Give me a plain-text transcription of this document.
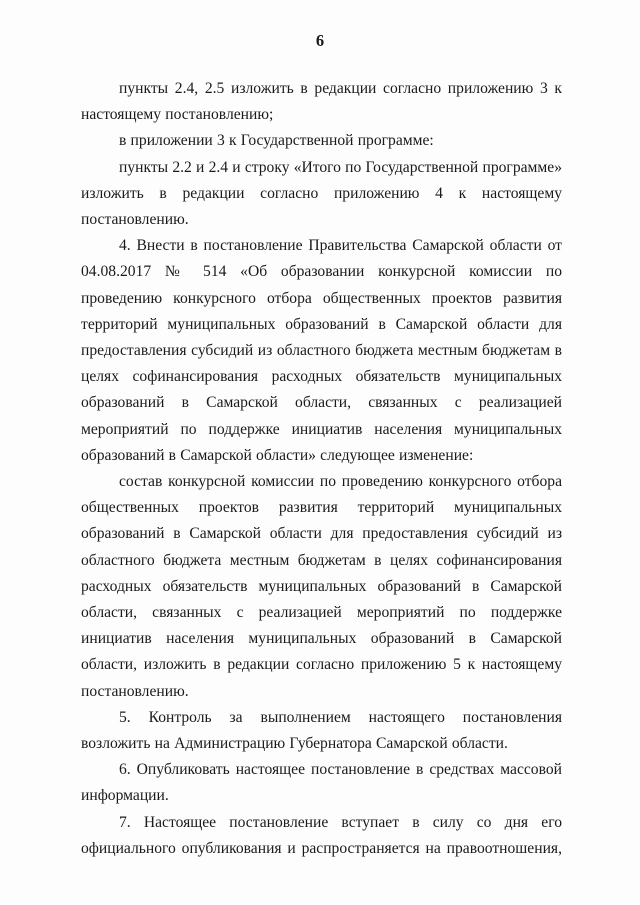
6

пункты 2.4, 2.5 изложить в редакции согласно приложению 3 к настоящему постановлению;

в приложении 3 к Государственной программе:

пункты 2.2 и 2.4 и строку «Итого по Государственной программе» изложить в редакции согласно приложению 4 к настоящему постановлению.

4. Внести в постановление Правительства Самарской области от 04.08.2017 № 514 «Об образовании конкурсной комиссии по проведению конкурсного отбора общественных проектов развития территорий муниципальных образований в Самарской области для предоставления субсидий из областного бюджета местным бюджетам в целях софинансирования расходных обязательств муниципальных образований в Самарской области, связанных с реализацией мероприятий по поддержке инициатив населения муниципальных образований в Самарской области» следующее изменение:

состав конкурсной комиссии по проведению конкурсного отбора общественных проектов развития территорий муниципальных образований в Самарской области для предоставления субсидий из областного бюджета местным бюджетам в целях софинансирования расходных обязательств муниципальных образований в Самарской области, связанных с реализацией мероприятий по поддержке инициатив населения муниципальных образований в Самарской области, изложить в редакции согласно приложению 5 к настоящему постановлению.

5. Контроль за выполнением настоящего постановления возложить на Администрацию Губернатора Самарской области.

6. Опубликовать настоящее постановление в средствах массовой информации.

7. Настоящее постановление вступает в силу со дня его официального опубликования и распространяется на правоотношения,
